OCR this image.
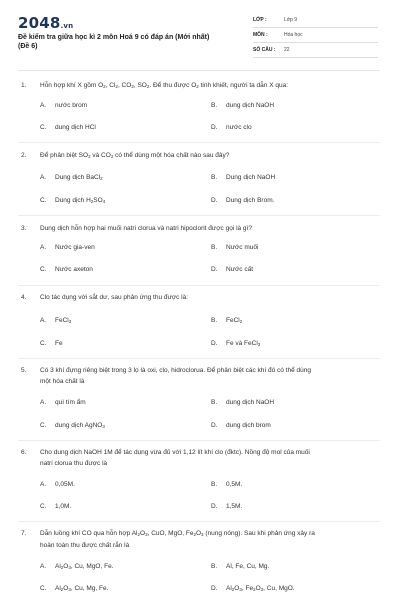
2048.vn
Đề kiểm tra giữa học kì 2 môn Hoá 9 có đáp án (Mới nhất)
(Đề 6)
LỚP :	Lớp 9
MÔN :	Hóa học
SỐ CÂU : 22
1. Hỗn hợp khí X gồm $O_2$, $Cl_2$, $CO_2$, $SO_2$. Để thu được $O_2$ tinh khiết, người ta dẫn X qua:
A. nước brom	B. dung dịch NaOH
C. dung dịch HCl	D. nước clo
2. Để phân biệt $SO_2$ và $CO_2$ có thể dùng một hóa chất nào sau đây?
A. Dung dịch BaCl$_2$	B. Dung dịch NaOH
C. Dung dịch $H_2SO_4$	D. Dung dịch Brom.
3. Dung dịch hỗn hợp hai muối natri clorua và natri hipoclorit được gọi là gì?
A. Nước gia-ven	B. Nước muối
C. Nước axeton	D. Nước cất
4. Clo tác dụng với sắt dư, sau phản ứng thu được là:
A. FeCl$_3$	B. FeCl$_2$
C. Fe	D. Fe và FeCl$_3$
5. Có 3 khí đựng riêng biệt trong 3 lọ là oxi, clo, hidroclorua. Để phân biệt các khí đó có thể dùng
một hóa chất là
A. quì tím ẩm	B. dung dịch NaOH
C. dung dịch AgNO$_3$	D. dung dịch brom
6. Cho dung dịch NaOH 1M để tác dụng vừa đủ với 1,12 lít khí clo (đktc). Nồng độ mol của muối
natri clorua thu được là
A. 0,05M.	B. 0,5M.
C. 1,0M.	D. 1,5M.
7. Dẫn luồng khí CO qua hỗn hợp $Al_2O_3$, CuO, MgO, $Fe_2O_3$ (nung nóng). Sau khi phản ứng xảy ra
hoàn toàn thu được chất rắn là
A. $Al_2O_3$, Cu, MgO, Fe.	B. Al, Fe, Cu, Mg.
C. $Al_2O_3$, Cu, Mg, Fe.	D. $Al_2O_3$, $Fe_2O_3$, Cu, MgO.
